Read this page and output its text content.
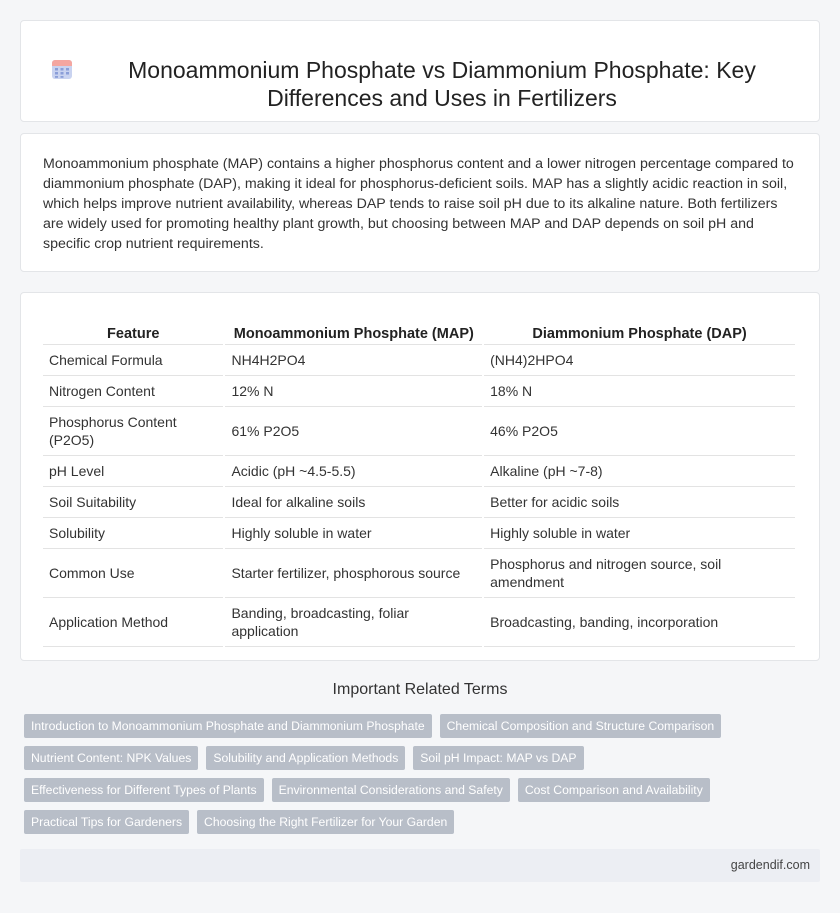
Monoammonium Phosphate vs Diammonium Phosphate: Key Differences and Uses in Fertilizers

Monoammonium phosphate (MAP) contains a higher phosphorus content and a lower nitrogen percentage compared to diammonium phosphate (DAP), making it ideal for phosphorus-deficient soils. MAP has a slightly acidic reaction in soil, which helps improve nutrient availability, whereas DAP tends to raise soil pH due to its alkaline nature. Both fertilizers are widely used for promoting healthy plant growth, but choosing between MAP and DAP depends on soil pH and specific crop nutrient requirements.

Feature	Monoammonium Phosphate (MAP)	Diammonium Phosphate (DAP)
Chemical Formula	NH4H2PO4	(NH4)2HPO4
Nitrogen Content	12% N	18% N
Phosphorus Content (P2O5)	61% P2O5	46% P2O5
pH Level	Acidic (pH ~4.5-5.5)	Alkaline (pH ~7-8)
Soil Suitability	Ideal for alkaline soils	Better for acidic soils
Solubility	Highly soluble in water	Highly soluble in water
Common Use	Starter fertilizer, phosphorous source	Phosphorus and nitrogen source, soil amendment
Application Method	Banding, broadcasting, foliar application	Broadcasting, banding, incorporation
Important Related Terms
Introduction to Monoammonium Phosphate and Diammonium Phosphate	Chemical Composition and Structure Comparison
Nutrient Content: NPK Values	Solubility and Application Methods	Soil pH Impact: MAP vs DAP
Effectiveness for Different Types of Plants	Environmental Considerations and Safety	Cost Comparison and Availability
Practical Tips for Gardeners	Choosing the Right Fertilizer for Your Garden
gardendif.com
